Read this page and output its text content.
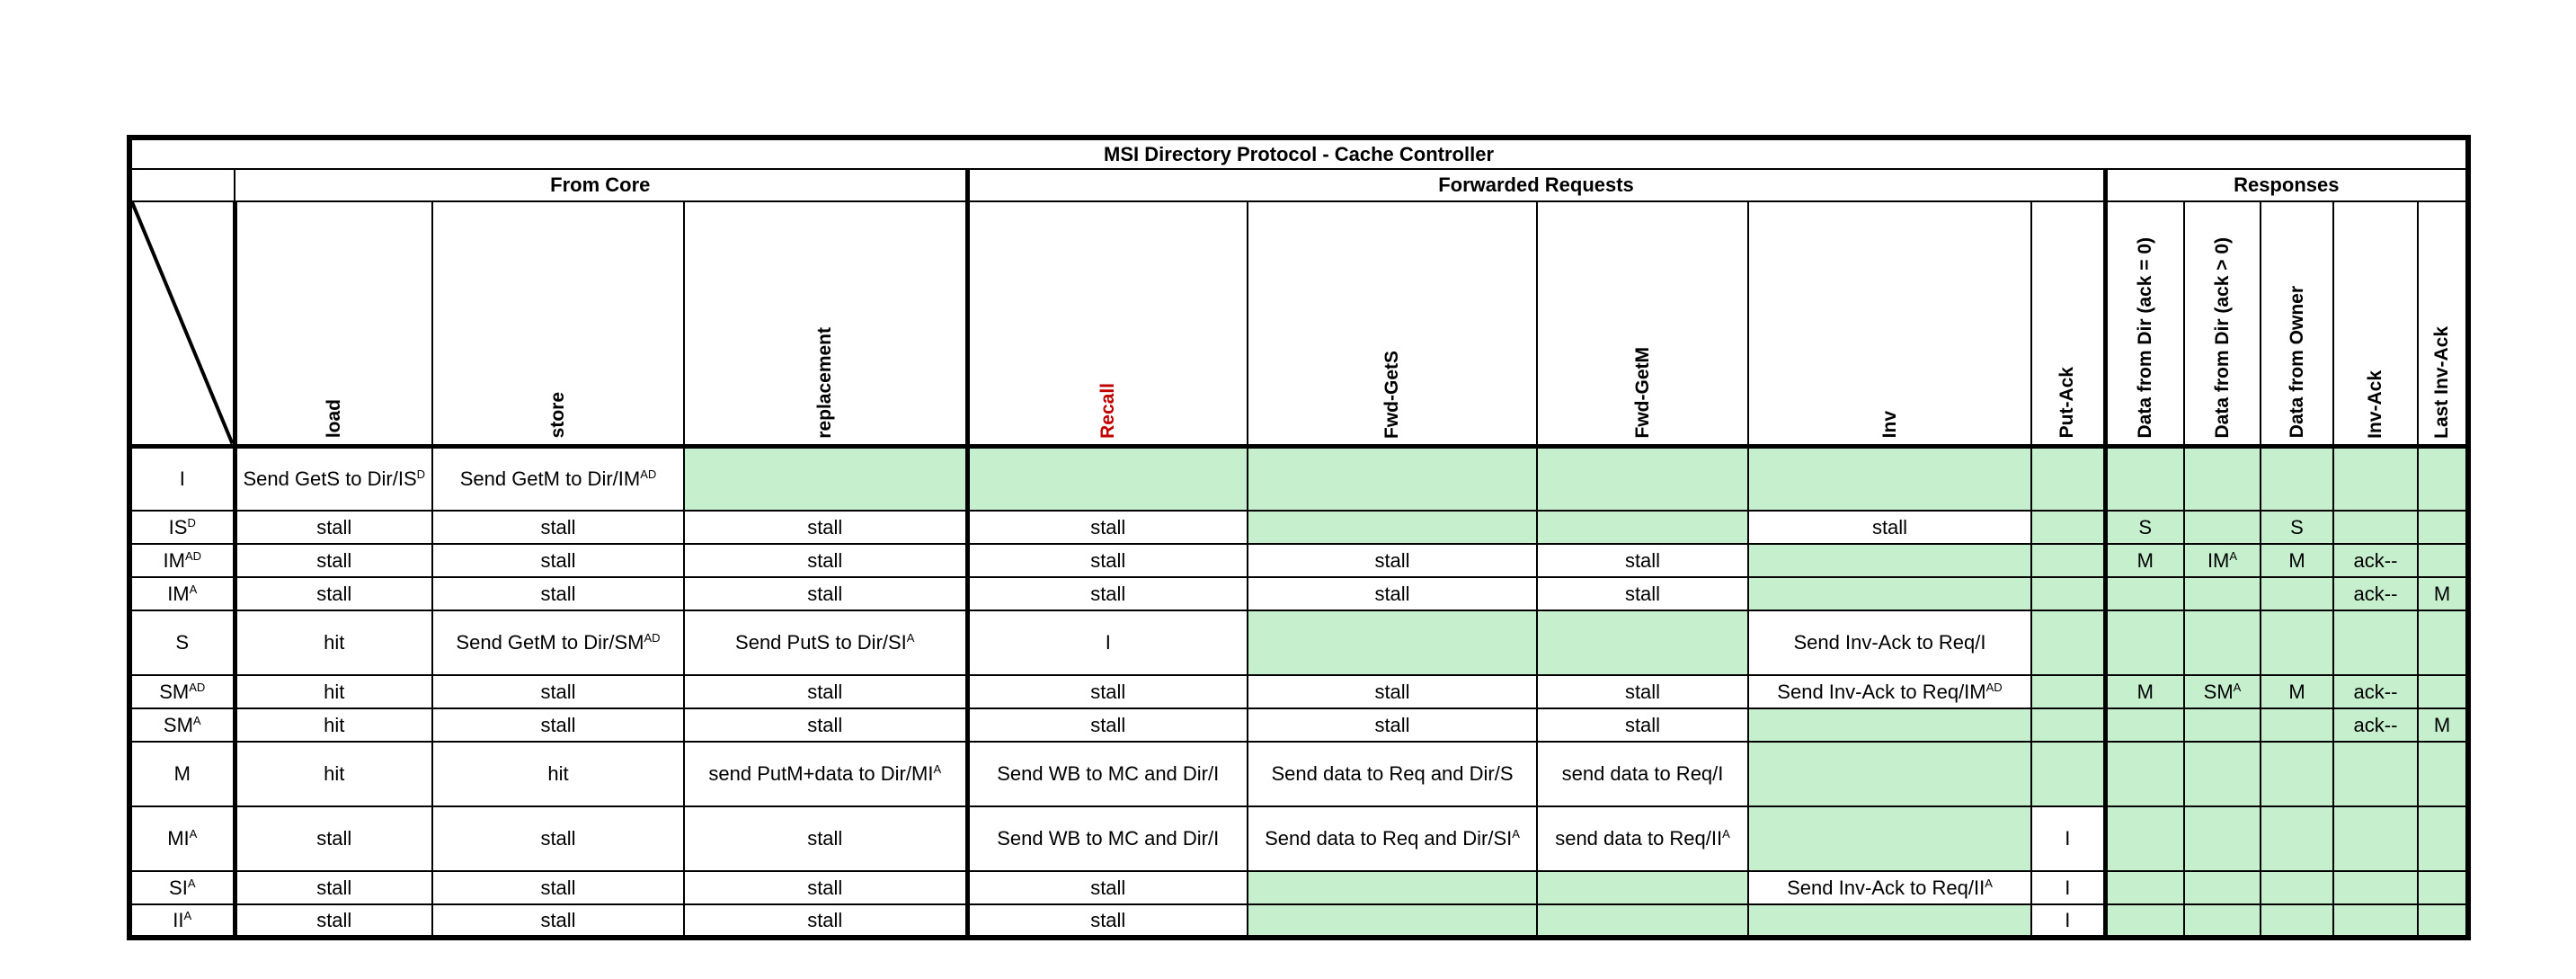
MSI Directory Protocol - Cache Controller													
	From Core			Forwarded Requests					Responses				

	load	store	replacement	Recall	Fwd-GetS	Fwd-GetM	Inv	Put-Ack	Data from Dir (ack = 0)	Data from Dir (ack > 0)	Data from Owner	Inv-Ack	Last Inv-Ack
I	Send GetS to Dir/$IS^D$	Send GetM to Dir/$IM^{AD}$											
$IS^D$	stall	stall	stall	stall			stall		S		S		
$IM^{AD}$	stall	stall	stall	stall	stall	stall			M	$IM^A$	M	ack--	
$IM^A$	stall	stall	stall	stall	stall	stall						ack--	M
S	hit	Send GetM to Dir/$SM^{AD}$	Send PutS to Dir/$SI^A$	I			Send Inv-Ack to Req/I						
$SM^{AD}$	hit	stall	stall	stall	stall	stall	Send Inv-Ack to Req/$IM^{AD}$		M	$SM^A$	M	ack--	
$SM^A$	hit	stall	stall	stall	stall	stall						ack--	M
M	hit	hit	send PutM+data to Dir/$MI^A$	Send WB to MC and Dir/I	Send data to Req and Dir/S	send data to Req/I							
$MI^A$	stall	stall	stall	Send WB to MC and Dir/I	Send data to Req and Dir/$SI^A$	send data to Req/$II^A$		I					
$SI^A$	stall	stall	stall	stall			Send Inv-Ack to Req/$II^A$	I					
$II^A$	stall	stall	stall	stall				I					
